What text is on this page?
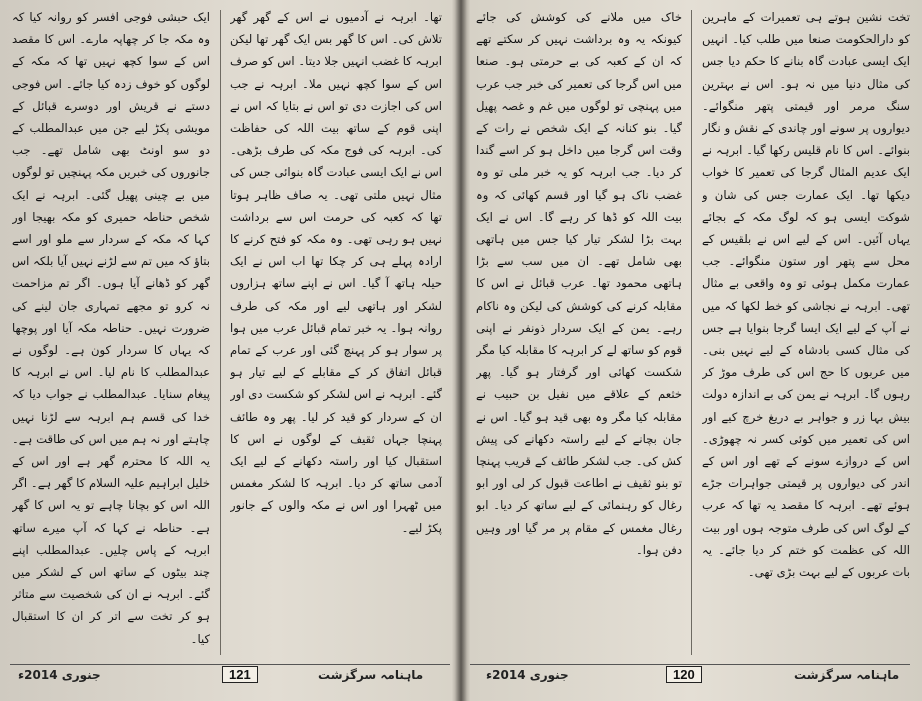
ایک حبشی فوجی افسر کو روانہ کیا کہ وہ مکہ جا کر چھاپہ مارے۔ اس کا مقصد اس کے سوا کچھ نہیں تھا کہ مکہ کے لوگوں کو خوف زدہ کیا جائے۔ اس فوجی دستے نے قریش اور دوسرے قبائل کے مویشی پکڑ لیے جن میں عبدالمطلب کے دو سو اونٹ بھی شامل تھے۔ جب جانوروں کی خبریں مکہ پہنچیں تو لوگوں میں بے چینی پھیل گئی۔ ابرہہ نے ایک شخص حناطہ حمیری کو مکہ بھیجا اور کہا کہ مکہ کے سردار سے ملو اور اسے بتاؤ کہ میں تم سے لڑنے نہیں آیا بلکہ اس گھر کو ڈھانے آیا ہوں۔ اگر تم مزاحمت نہ کرو تو مجھے تمہاری جان لینے کی ضرورت نہیں۔ حناطہ مکہ آیا اور پوچھا کہ یہاں کا سردار کون ہے۔ لوگوں نے عبدالمطلب کا نام لیا۔ اس نے ابرہہ کا پیغام سنایا۔ عبدالمطلب نے جواب دیا کہ خدا کی قسم ہم ابرہہ سے لڑنا نہیں چاہتے اور نہ ہم میں اس کی طاقت ہے۔ یہ اللہ کا محترم گھر ہے اور اس کے خلیل ابراہیم علیہ السلام کا گھر ہے۔ اگر اللہ اس کو بچانا چاہے تو یہ اس کا گھر ہے۔ حناطہ نے کہا کہ آپ میرے ساتھ ابرہہ کے پاس چلیں۔ عبدالمطلب اپنے چند بیٹوں کے ساتھ اس کے لشکر میں گئے۔ ابرہہ نے ان کی شخصیت سے متاثر ہو کر تخت سے اتر کر ان کا استقبال کیا۔

تھا۔ ابرہہ نے آدمیوں نے اس کے گھر گھر تلاش کی۔ اس کا گھر بس ایک گھر تھا لیکن ابرہہ کا غضب انہیں جلا دیتا۔ اس کو صرف اس کے سوا کچھ نہیں ملا۔ ابرہہ نے جب اس کی اجازت دی تو اس نے بتایا کہ اس نے اپنی قوم کے ساتھ بیت اللہ کی حفاظت کی۔ ابرہہ کی فوج مکہ کی طرف بڑھی۔ اس نے ایک ایسی عبادت گاہ بنوائی جس کی مثال نہیں ملتی تھی۔ یہ صاف ظاہر ہوتا تھا کہ کعبہ کی حرمت اس سے برداشت نہیں ہو رہی تھی۔ وہ مکہ کو فتح کرنے کا ارادہ پہلے ہی کر چکا تھا اب اس نے ایک حیلہ ہاتھ آ گیا۔ اس نے اپنے ساتھ ہزاروں لشکر اور ہاتھی لیے اور مکہ کی طرف روانہ ہوا۔ یہ خبر تمام قبائل عرب میں ہوا پر سوار ہو کر پہنچ گئی اور عرب کے تمام قبائل اتفاق کر کے مقابلے کے لیے تیار ہو گئے۔ ابرہہ نے اس لشکر کو شکست دی اور ان کے سردار کو قید کر لیا۔ پھر وہ طائف پہنچا جہاں ثقیف کے لوگوں نے اس کا استقبال کیا اور راستہ دکھانے کے لیے ایک آدمی ساتھ کر دیا۔ ابرہہ کا لشکر مغمس میں ٹھہرا اور اس نے مکہ والوں کے جانور پکڑ لیے۔

جنوری 2014ء	121	ماہنامہ سرگزشت

خاک میں ملانے کی کوشش کی جائے کیونکہ یہ وہ برداشت نہیں کر سکتے تھے کہ ان کے کعبہ کی بے حرمتی ہو۔ صنعا میں اس گرجا کی تعمیر کی خبر جب عرب میں پہنچی تو لوگوں میں غم و غصہ پھیل گیا۔ بنو کنانہ کے ایک شخص نے رات کے وقت اس گرجا میں داخل ہو کر اسے گندا کر دیا۔ جب ابرہہ کو یہ خبر ملی تو وہ غضب ناک ہو گیا اور قسم کھائی کہ وہ بیت اللہ کو ڈھا کر رہے گا۔ اس نے ایک بہت بڑا لشکر تیار کیا جس میں ہاتھی بھی شامل تھے۔ ان میں سب سے بڑا ہاتھی محمود تھا۔ عرب قبائل نے اس کا مقابلہ کرنے کی کوشش کی لیکن وہ ناکام رہے۔ یمن کے ایک سردار ذونفر نے اپنی قوم کو ساتھ لے کر ابرہہ کا مقابلہ کیا مگر شکست کھائی اور گرفتار ہو گیا۔ پھر خثعم کے علاقے میں نفیل بن حبیب نے مقابلہ کیا مگر وہ بھی قید ہو گیا۔ اس نے جان بچانے کے لیے راستہ دکھانے کی پیش کش کی۔ جب لشکر طائف کے قریب پہنچا تو بنو ثقیف نے اطاعت قبول کر لی اور ابو رغال کو رہنمائی کے لیے ساتھ کر دیا۔ ابو رغال مغمس کے مقام پر مر گیا اور وہیں دفن ہوا۔

تخت نشین ہوتے ہی تعمیرات کے ماہرین کو دارالحکومت صنعا میں طلب کیا۔ انہیں ایک ایسی عبادت گاہ بنانے کا حکم دیا جس کی مثال دنیا میں نہ ہو۔ اس نے بہترین سنگ مرمر اور قیمتی پتھر منگوائے۔ دیواروں پر سونے اور چاندی کے نقش و نگار بنوائے۔ اس کا نام قلیس رکھا گیا۔ ابرہہ نے ایک عدیم المثال گرجا کی تعمیر کا خواب دیکھا تھا۔ ایک عمارت جس کی شان و شوکت ایسی ہو کہ لوگ مکہ کے بجائے یہاں آئیں۔ اس کے لیے اس نے بلقیس کے محل سے پتھر اور ستون منگوائے۔ جب عمارت مکمل ہوئی تو وہ واقعی بے مثال تھی۔ ابرہہ نے نجاشی کو خط لکھا کہ میں نے آپ کے لیے ایک ایسا گرجا بنوایا ہے جس کی مثال کسی بادشاہ کے لیے نہیں بنی۔ میں عربوں کا حج اس کی طرف موڑ کر رہوں گا۔ ابرہہ نے یمن کی بے اندازہ دولت بیش بہا زر و جواہر بے دریغ خرچ کیے اور اس کی تعمیر میں کوئی کسر نہ چھوڑی۔ اس کے دروازے سونے کے تھے اور اس کے اندر کی دیواروں پر قیمتی جواہرات جڑے ہوئے تھے۔ ابرہہ کا مقصد یہ تھا کہ عرب کے لوگ اس کی طرف متوجہ ہوں اور بیت اللہ کی عظمت کو ختم کر دیا جائے۔ یہ بات عربوں کے لیے بہت بڑی تھی۔

جنوری 2014ء	120	ماہنامہ سرگزشت
